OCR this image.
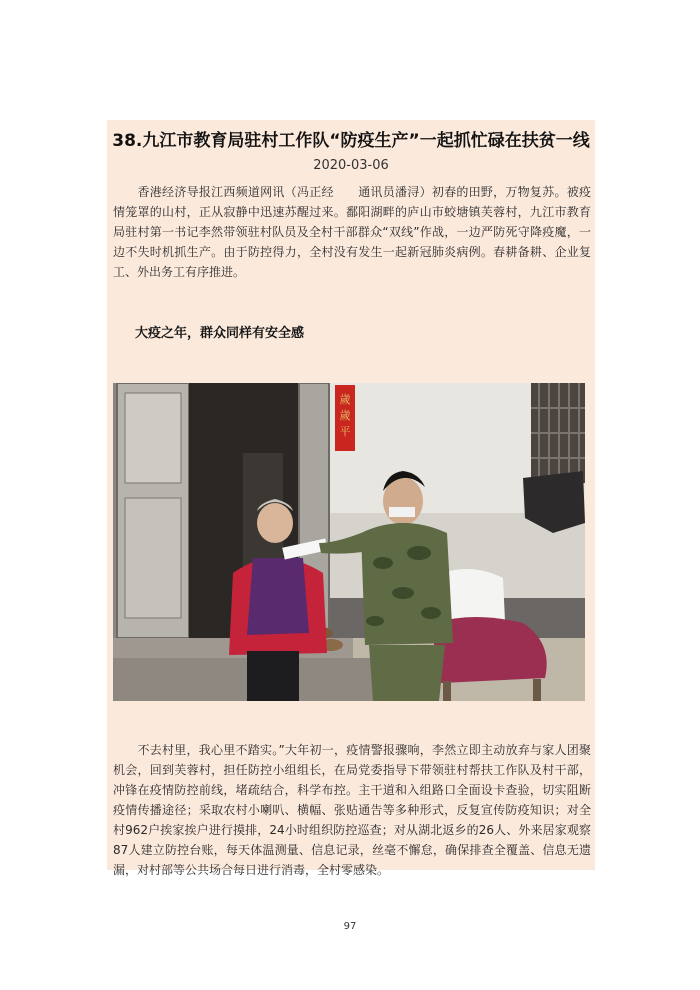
38.九江市教育局驻村工作队“防疫生产”一起抓忙碌在扶贫一线
2020-03-06
　　香港经济导报江西频道网讯（冯正经　　通讯员潘浔）初春的田野，万物复苏。被疫情笼罩的山村，正从寂静中迅速苏醒过来。鄱阳湖畔的庐山市蛟塘镇芙蓉村，九江市教育局驻村第一书记李然带领驻村队员及全村干部群众“双线”作战，一边严防死守降疫魔，一边不失时机抓生产。由于防控得力，全村没有发生一起新冠肺炎病例。春耕备耕、企业复工、外出务工有序推进。
大疫之年，群众同样有安全感
歲
歲
平
　　不去村里，我心里不踏实。”大年初一，疫情警报骤响，李然立即主动放弃与家人团聚机会，回到芙蓉村，担任防控小组组长，在局党委指导下带领驻村帮扶工作队及村干部，冲锋在疫情防控前线，堵疏结合，科学布控。主干道和入组路口全面设卡查验，切实阻断疫情传播途径；采取农村小喇叭、横幅、张贴通告等多种形式，反复宣传防疫知识；对全村962户挨家挨户进行摸排，24小时组织防控巡查；对从湖北返乡的26人、外来居家观察87人建立防控台账，每天体温测量、信息记录，丝毫不懈怠，确保排查全覆盖、信息无遗漏，对村部等公共场合每日进行消毒，全村零感染。
97
